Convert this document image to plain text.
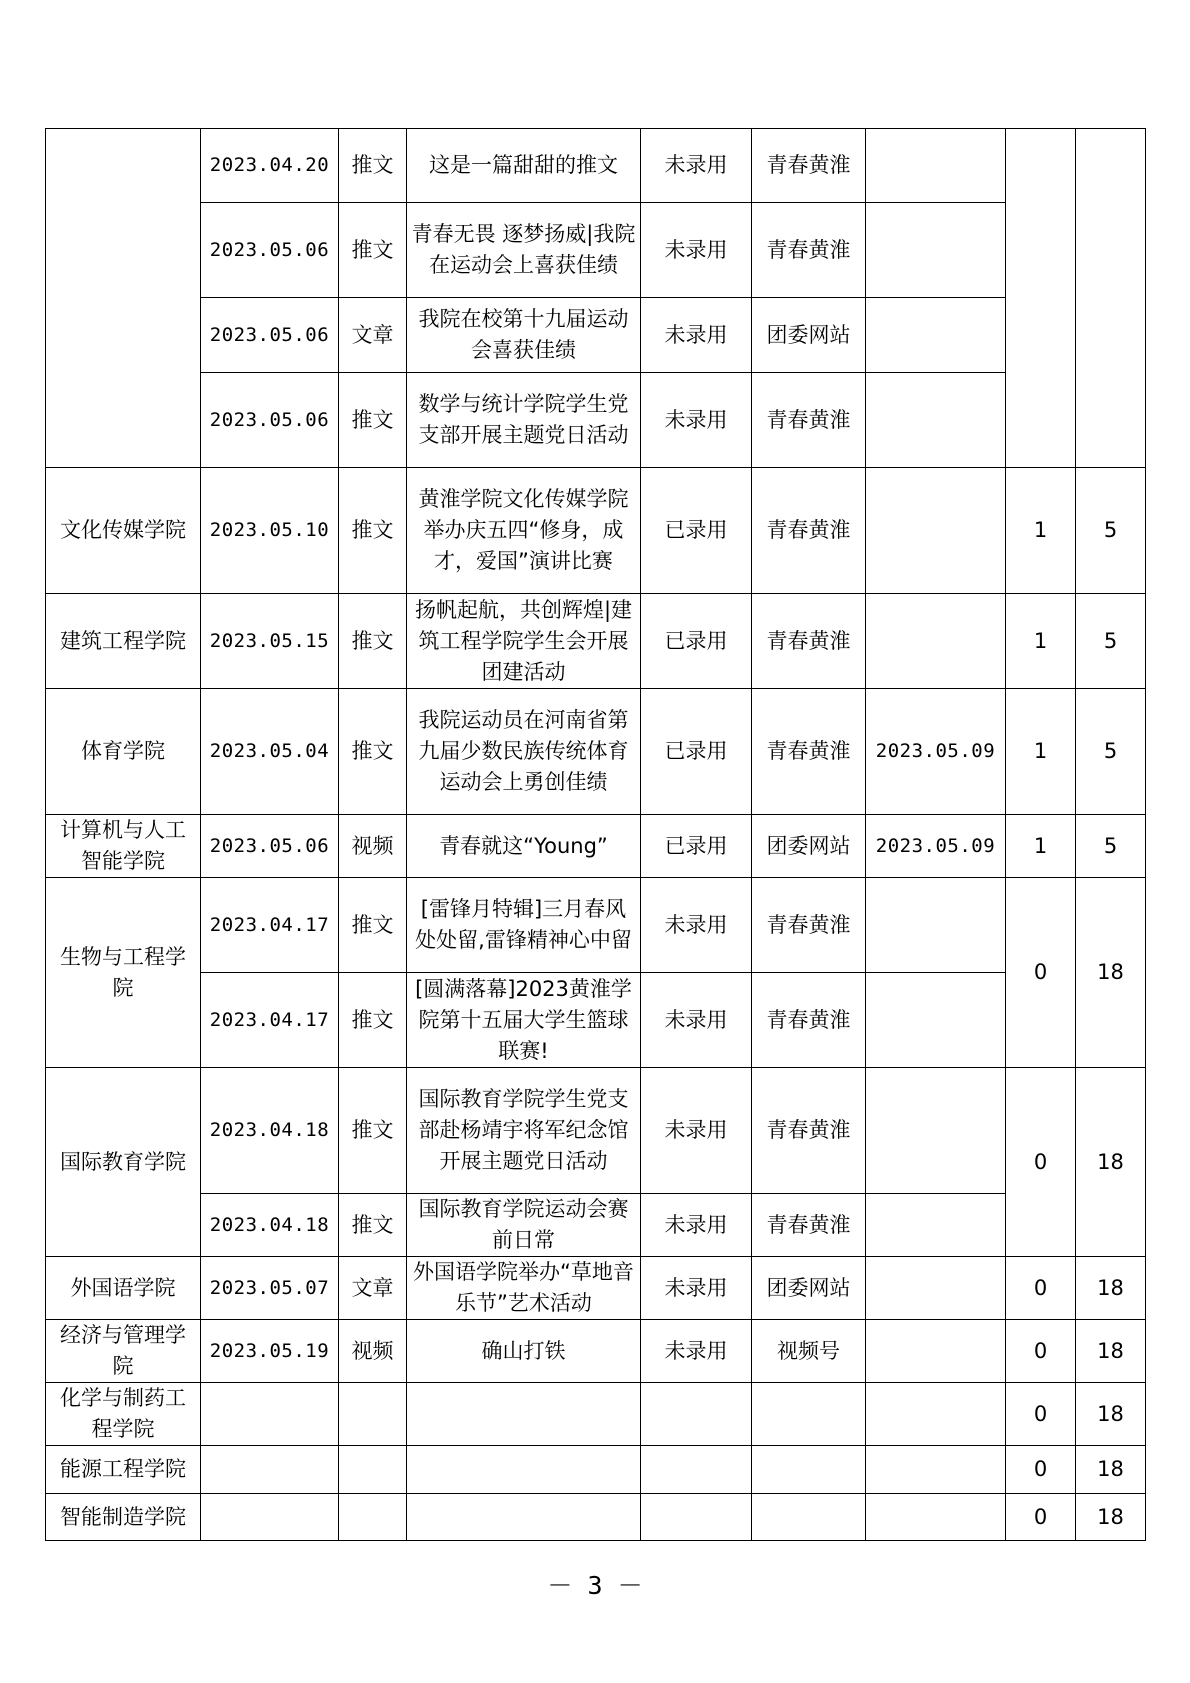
	2023.04.20	推文	这是一篇甜甜的推文	未录用	青春黄淮			
	2023.05.06	推文	青春无畏 逐梦扬威|我院在运动会上喜获佳绩	未录用	青春黄淮			
	2023.05.06	文章	我院在校第十九届运动会喜获佳绩	未录用	团委网站			
	2023.05.06	推文	数学与统计学院学生党支部开展主题党日活动	未录用	青春黄淮			
文化传媒学院	2023.05.10	推文	黄淮学院文化传媒学院举办庆五四“修身，成才，爱国”演讲比赛	已录用	青春黄淮		1	5
建筑工程学院	2023.05.15	推文	扬帆起航，共创辉煌|建筑工程学院学生会开展团建活动	已录用	青春黄淮		1	5
体育学院	2023.05.04	推文	我院运动员在河南省第九届少数民族传统体育运动会上勇创佳绩	已录用	青春黄淮	2023.05.09	1	5
计算机与人工智能学院	2023.05.06	视频	青春就这“Young”	已录用	团委网站	2023.05.09	1	5
生物与工程学院	2023.04.17	推文	[雷锋月特辑]三月春风处处留,雷锋精神心中留	未录用	青春黄淮		0	18
	2023.04.17	推文	[圆满落幕]2023黄淮学院第十五届大学生篮球联赛!	未录用	青春黄淮			
国际教育学院	2023.04.18	推文	国际教育学院学生党支部赴杨靖宇将军纪念馆开展主题党日活动	未录用	青春黄淮		0	18
	2023.04.18	推文	国际教育学院运动会赛前日常	未录用	青春黄淮			
外国语学院	2023.05.07	文章	外国语学院举办“草地音乐节”艺术活动	未录用	团委网站		0	18
经济与管理学院	2023.05.19	视频	确山打铁	未录用	视频号		0	18
化学与制药工程学院							0	18
能源工程学院							0	18
智能制造学院							0	18
－ 3 －
